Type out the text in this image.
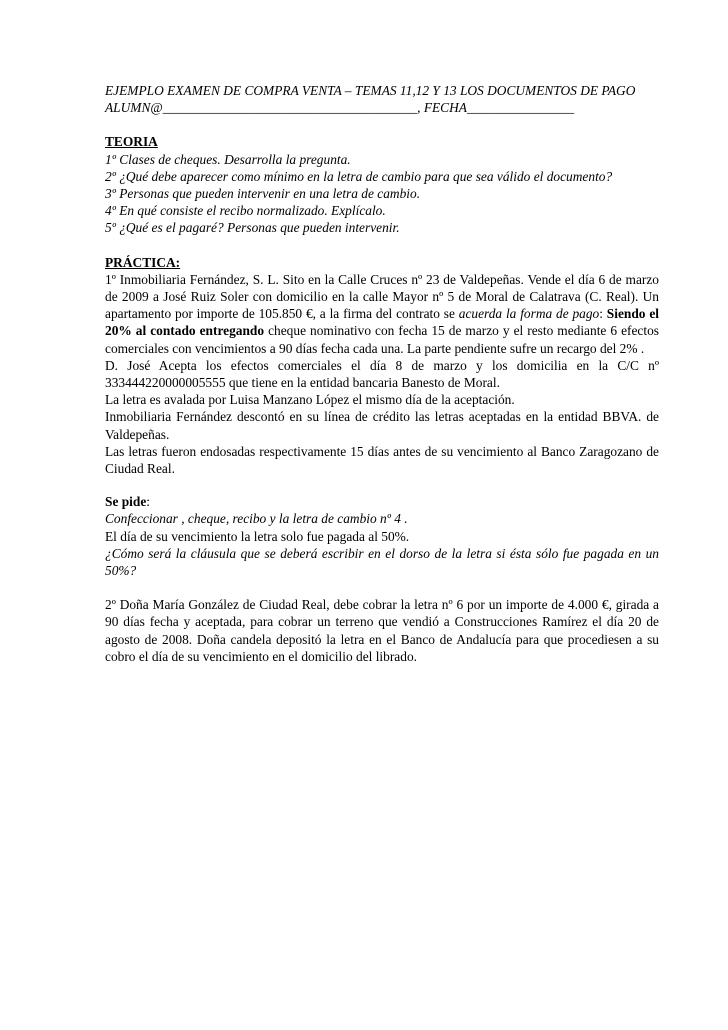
EJEMPLO EXAMEN DE COMPRA VENTA – TEMAS 11,12 Y 13 LOS DOCUMENTOS DE PAGO

ALUMN@______________________________________, FECHA________________

TEORIA

1º Clases de cheques. Desarrolla la pregunta.

2º ¿Qué debe aparecer como mínimo en la letra de cambio para que sea válido el documento?

3º Personas que pueden intervenir en una letra de cambio.

4º En qué consiste el recibo normalizado. Explícalo.

5º ¿Qué es el pagaré? Personas que pueden intervenir.

PRÁCTICA:

1º Inmobiliaria Fernández, S. L. Sito en la Calle Cruces nº 23 de Valdepeñas. Vende el día 6 de marzo de 2009 a José Ruiz Soler con domicilio en la calle Mayor nº 5 de Moral de Calatrava (C. Real). Un apartamento por importe de 105.850 €, a la firma del contrato se acuerda la forma de pago: Siendo el 20% al contado entregando cheque nominativo con fecha 15 de marzo y el resto mediante 6 efectos comerciales con vencimientos a 90 días fecha cada una. La parte pendiente sufre un recargo del 2% .

D. José Acepta los efectos comerciales el día 8 de marzo y los domicilia en la C/C nº 333444220000005555 que tiene en la entidad bancaria Banesto de Moral.

La letra es avalada por Luisa Manzano López el mismo día de la aceptación.

Inmobiliaria Fernández descontó en su línea de crédito las letras aceptadas en la entidad BBVA. de Valdepeñas.

Las letras fueron endosadas respectivamente 15 días antes de su vencimiento al Banco Zaragozano de Ciudad Real.

Se pide:

Confeccionar , cheque, recibo y la letra de cambio nº 4 .

El día de su vencimiento la letra solo fue pagada al 50%.

¿Cómo será la cláusula que se deberá escribir en el dorso de la letra si ésta sólo fue pagada en un 50%?

2º Doña María González de Ciudad Real, debe cobrar la letra nº 6 por un importe de 4.000 €, girada a 90 días fecha y aceptada, para cobrar un terreno que vendió a Construcciones Ramírez el día 20 de agosto de 2008. Doña candela depositó la letra en el Banco de Andalucía para que procediesen a su cobro el día de su vencimiento en el domicilio del librado.
